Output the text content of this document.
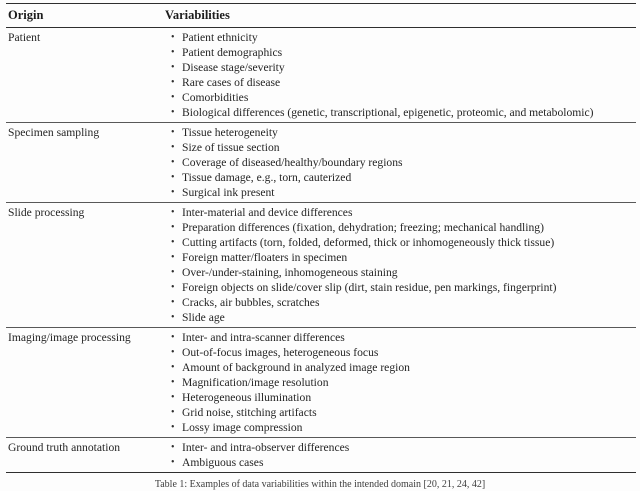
Origin	Variabilities
Patient	• Patient ethnicity
• Patient demographics
• Disease stage/severity
• Rare cases of disease
• Comorbidities
• Biological differences (genetic, transcriptional, epigenetic, proteomic, and metabolomic)
Specimen sampling	• Tissue heterogeneity
• Size of tissue section
• Coverage of diseased/healthy/boundary regions
• Tissue damage, e.g., torn, cauterized
• Surgical ink present
Slide processing	• Inter-material and device differences
• Preparation differences (fixation, dehydration; freezing; mechanical handling)
• Cutting artifacts (torn, folded, deformed, thick or inhomogeneously thick tissue)
• Foreign matter/floaters in specimen
• Over-/under-staining, inhomogeneous staining
• Foreign objects on slide/cover slip (dirt, stain residue, pen markings, fingerprint)
• Cracks, air bubbles, scratches
• Slide age
Imaging/image processing	• Inter- and intra-scanner differences
• Out-of-focus images, heterogeneous focus
• Amount of background in analyzed image region
• Magnification/image resolution
• Heterogeneous illumination
• Grid noise, stitching artifacts
• Lossy image compression
Ground truth annotation	• Inter- and intra-observer differences
• Ambiguous cases
Table 1: Examples of data variabilities within the intended domain [20, 21, 24, 42]
